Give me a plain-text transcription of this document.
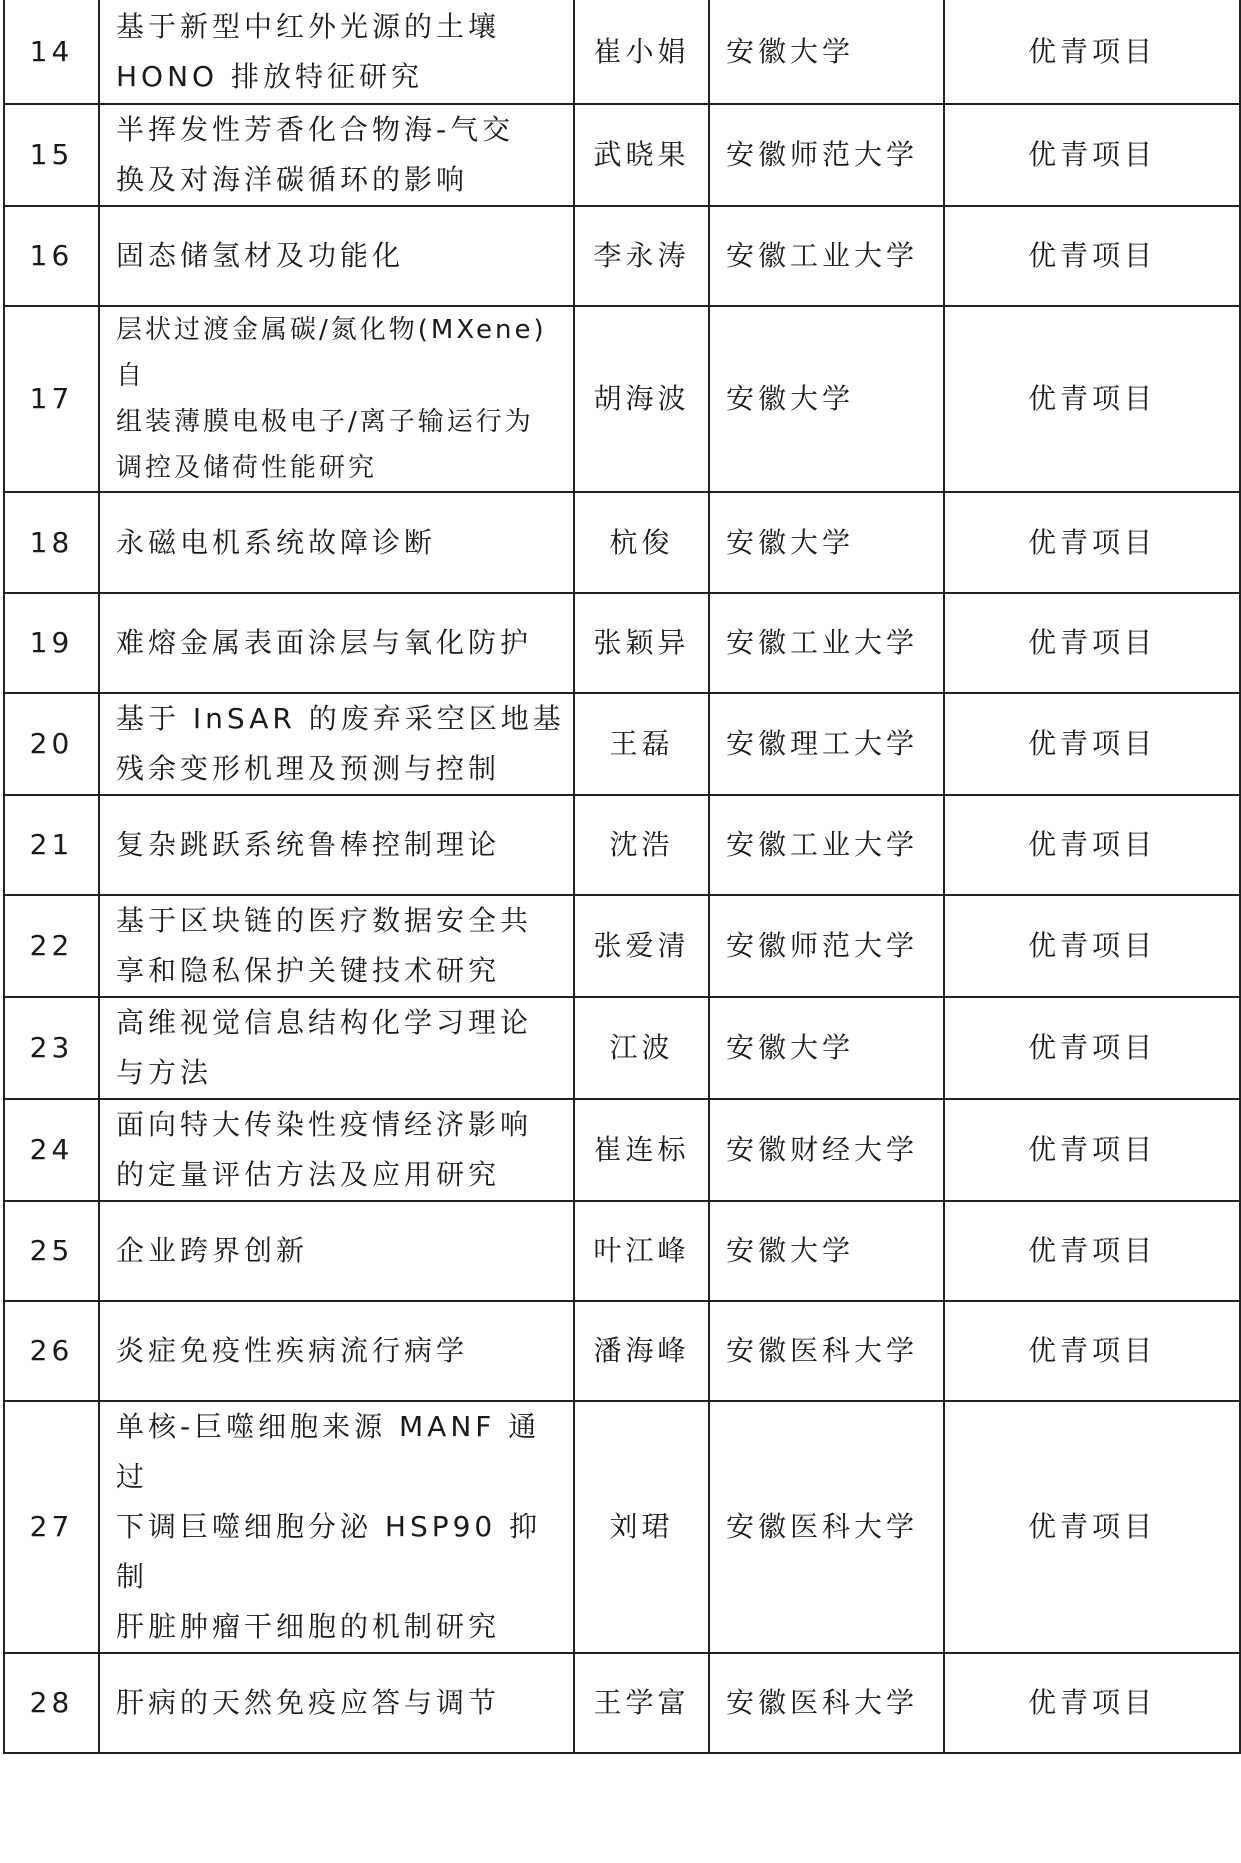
14	基于新型中红外光源的土壤
HONO 排放特征研究	崔小娟	安徽大学	优青项目
15	半挥发性芳香化合物海-气交
换及对海洋碳循环的影响	武晓果	安徽师范大学	优青项目
16	固态储氢材及功能化	李永涛	安徽工业大学	优青项目
17	层状过渡金属碳/氮化物(MXene)自
组装薄膜电极电子/离子输运行为
调控及储荷性能研究	胡海波	安徽大学	优青项目
18	永磁电机系统故障诊断	杭俊	安徽大学	优青项目
19	难熔金属表面涂层与氧化防护	张颖异	安徽工业大学	优青项目
20	基于 InSAR 的废弃采空区地基
残余变形机理及预测与控制	王磊	安徽理工大学	优青项目
21	复杂跳跃系统鲁棒控制理论	沈浩	安徽工业大学	优青项目
22	基于区块链的医疗数据安全共
享和隐私保护关键技术研究	张爱清	安徽师范大学	优青项目
23	高维视觉信息结构化学习理论
与方法	江波	安徽大学	优青项目
24	面向特大传染性疫情经济影响
的定量评估方法及应用研究	崔连标	安徽财经大学	优青项目
25	企业跨界创新	叶江峰	安徽大学	优青项目
26	炎症免疫性疾病流行病学	潘海峰	安徽医科大学	优青项目
27	单核-巨噬细胞来源 MANF 通过
下调巨噬细胞分泌 HSP90 抑制
肝脏肿瘤干细胞的机制研究	刘珺	安徽医科大学	优青项目
28	肝病的天然免疫应答与调节	王学富	安徽医科大学	优青项目
